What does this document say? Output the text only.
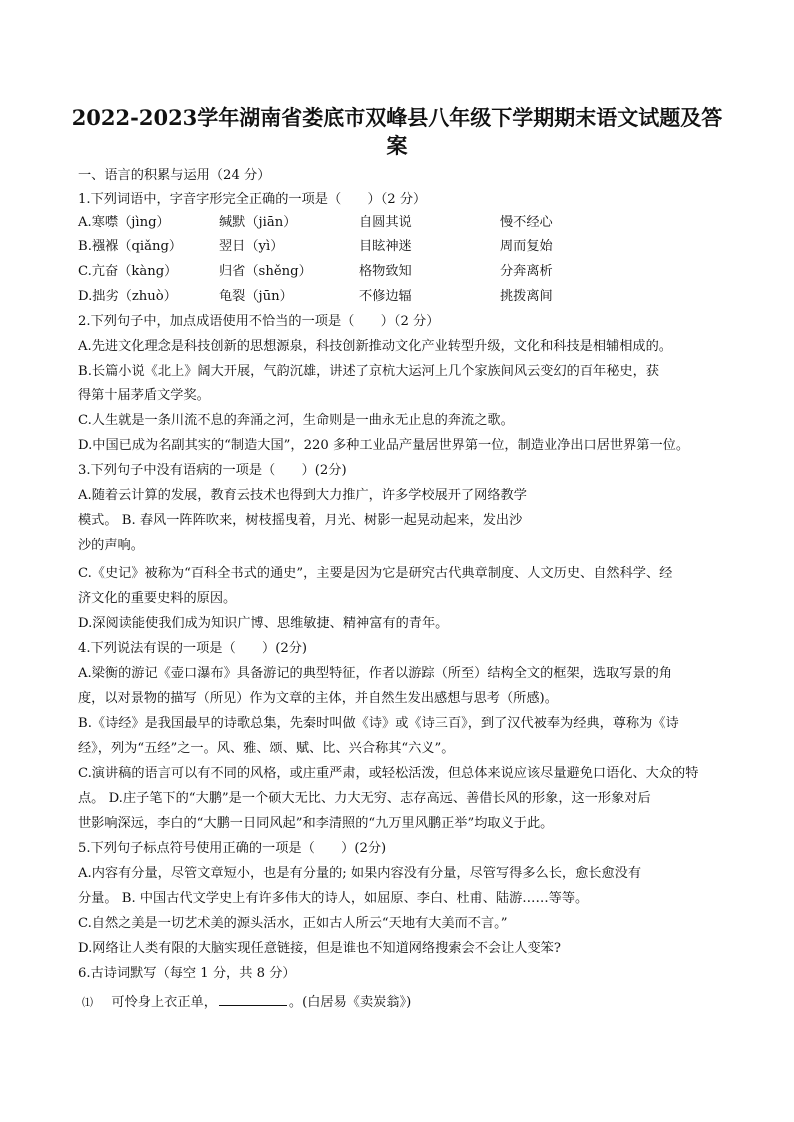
2022-2023学年湖南省娄底市双峰县八年级下学期期末语文试题及答
案
一、语言的积累与运用（24 分）
1.下列词语中，字音字形完全正确的一项是（　　）（2 分）
A.寒噤（jìng）	缄默（jiān）	自圆其说	慢不经心
B.襁褓（qiǎng）	翌日（yì）	目眩神迷	周而复始
C.亢奋（kàng）	归省（shěng）	格物致知	分奔离析
D.拙劣（zhuò）	龟裂（jūn）	不修边辐	挑拨离间
2.下列句子中，加点成语使用不恰当的一项是（　　）（2 分）
A.先进文化理念是科技创新的思想源泉，科技创新推动文化产业转型升级，文化和科技是相辅相成的。
B.长篇小说《北上》阔大开展，气韵沉雄，讲述了京杭大运河上几个家族间风云变幻的百年秘史，获
得第十届茅盾文学奖。
C.人生就是一条川流不息的奔涌之河，生命则是一曲永无止息的奔流之歌。
D.中国已成为名副其实的“制造大国”，220 多种工业品产量居世界第一位，制造业净出口居世界第一位。
3.下列句子中没有语病的一项是（　　）(2分)
A.随着云计算的发展，教育云技术也得到大力推广，许多学校展开了网络教学
模式。 B. 春风一阵阵吹来，树枝摇曳着，月光、树影一起晃动起来，发出沙
沙的声响。
C.《史记》被称为“百科全书式的通史”，主要是因为它是研究古代典章制度、人文历史、自然科学、经
济文化的重要史料的原因。
D.深阅读能使我们成为知识广博、思维敏捷、精神富有的青年。
4.下列说法有误的一项是（　　）(2分)
A.梁衡的游记《壶口瀑布》具备游记的典型特征，作者以游踪（所至）结构全文的框架，选取写景的角
度，以对景物的描写（所见）作为文章的主体，并自然生发出感想与思考（所感)。
B.《诗经》是我国最早的诗歌总集，先秦时叫做《诗》或《诗三百》，到了汉代被奉为经典，尊称为《诗
经》，列为“五经”之一。风、雅、颂、赋、比、兴合称其“六义”。
C.演讲稿的语言可以有不同的风格，或庄重严肃，或轻松活泼，但总体来说应该尽量避免口语化、大众的特
点。 D.庄子笔下的“大鹏”是一个硕大无比、力大无穷、志存高远、善借长风的形象，这一形象对后
世影响深远，李白的“大鹏一日同风起”和李清照的“九万里风鹏正举”均取义于此。
5.下列句子标点符号使用正确的一项是（　　）(2分)
A.内容有分量，尽管文章短小，也是有分量的; 如果内容没有分量，尽管写得多么长，愈长愈没有
分量。 B. 中国古代文学史上有许多伟大的诗人，如屈原、李白、杜甫、陆游……等等。
C.自然之美是一切艺术美的源头活水，正如古人所云“天地有大美而不言。”
D.网络让人类有限的大脑实现任意链接，但是谁也不知道网络搜索会不会让人变笨?
6.古诗词默写（每空 1 分，共 8 分）
⑴ 可怜身上衣正单，	。(白居易《卖炭翁》)
